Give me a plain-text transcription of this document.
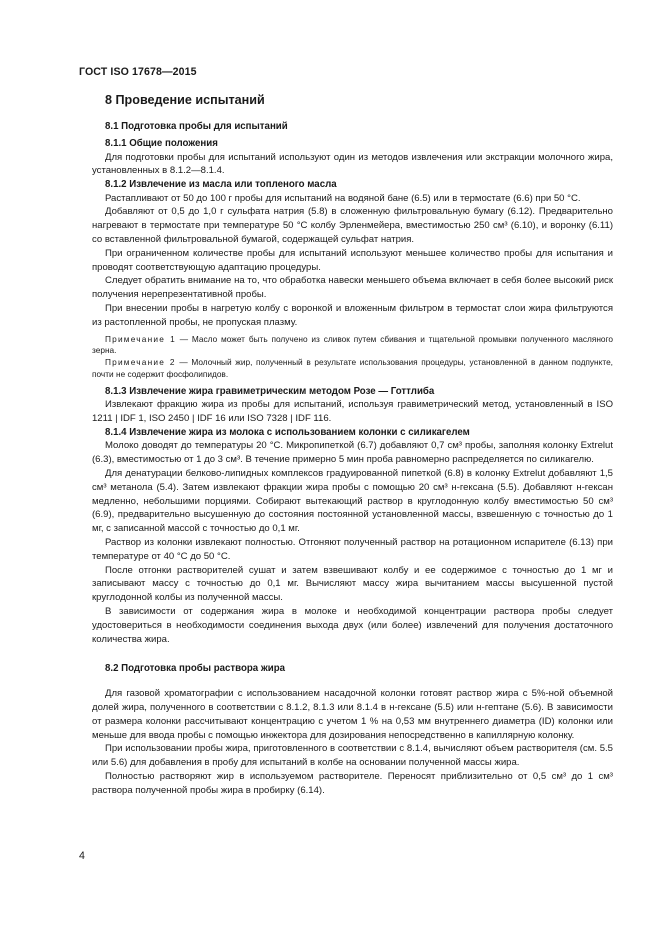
ГОСТ ISO 17678—2015
8 Проведение испытаний
8.1 Подготовка пробы для испытаний
8.1.1 Общие положения

Для подготовки пробы для испытаний используют один из методов извлечения или экстракции молочного жира, установленных в 8.1.2—8.1.4.

8.1.2 Извлечение из масла или топленого масла

Растапливают от 50 до 100 г пробы для испытаний на водяной бане (6.5) или в термостате (6.6) при 50 °C.

Добавляют от 0,5 до 1,0 г сульфата натрия (5.8) в сложенную фильтровальную бумагу (6.12). Предварительно нагревают в термостате при температуре 50 °C колбу Эрленмейера, вместимостью 250 см³ (6.10), и воронку (6.11) со вставленной фильтровальной бумагой, содержащей сульфат натрия.

При ограниченном количестве пробы для испытаний используют меньшее количество пробы для испытания и проводят соответствующую адаптацию процедуры.

Следует обратить внимание на то, что обработка навески меньшего объема включает в себя более высокий риск получения нерепрезентативной пробы.

При внесении пробы в нагретую колбу с воронкой и вложенным фильтром в термостат слои жира фильтруются из растопленной пробы, не пропуская плазму.

Примечание 1 — Масло может быть получено из сливок путем сбивания и тщательной промывки полученного масляного зерна.

Примечание 2 — Молочный жир, полученный в результате использования процедуры, установленной в данном подпункте, почти не содержит фосфолипидов.

8.1.3 Извлечение жира гравиметрическим методом Розе — Готтлиба

Извлекают фракцию жира из пробы для испытаний, используя гравиметрический метод, установленный в ISO 1211 | IDF 1, ISO 2450 | IDF 16 или ISO 7328 | IDF 116.

8.1.4 Извлечение жира из молока с использованием колонки с силикагелем

Молоко доводят до температуры 20 °C. Микропипеткой (6.7) добавляют 0,7 см³ пробы, заполняя колонку Extrelut (6.3), вместимостью от 1 до 3 см³. В течение примерно 5 мин проба равномерно распределяется по силикагелю.

Для денатурации белково-липидных комплексов градуированной пипеткой (6.8) в колонку Extrelut добавляют 1,5 см³ метанола (5.4). Затем извлекают фракции жира пробы с помощью 20 см³ н-гексана (5.5). Добавляют н-гексан медленно, небольшими порциями. Собирают вытекающий раствор в круглодонную колбу вместимостью 50 см³ (6.9), предварительно высушенную до состояния постоянной установленной массы, взвешенную с точностью до 1 мг, с записанной массой с точностью до 0,1 мг.

Раствор из колонки извлекают полностью. Отгоняют полученный раствор на ротационном испарителе (6.13) при температуре от 40 °C до 50 °C.

После отгонки растворителей сушат и затем взвешивают колбу и ее содержимое с точностью до 1 мг и записывают массу с точностью до 0,1 мг. Вычисляют массу жира вычитанием массы высушенной пустой круглодонной колбы из полученной массы.

В зависимости от содержания жира в молоке и необходимой концентрации раствора пробы следует удостовериться в необходимости соединения выхода двух (или более) извлечений для получения достаточного количества жира.

8.2 Подготовка пробы раствора жира

Для газовой хроматографии с использованием насадочной колонки готовят раствор жира с 5%-ной объемной долей жира, полученного в соответствии с 8.1.2, 8.1.3 или 8.1.4 в н-гексане (5.5) или н-гептане (5.6). В зависимости от размера колонки рассчитывают концентрацию с учетом 1 % на 0,53 мм внутреннего диаметра (ID) колонки или меньше для ввода пробы с помощью инжектора для дозирования непосредственно в капиллярную колонку.

При использовании пробы жира, приготовленного в соответствии с 8.1.4, вычисляют объем растворителя (см. 5.5 или 5.6) для добавления в пробу для испытаний в колбе на основании полученной массы жира.

Полностью растворяют жир в используемом растворителе. Переносят приблизительно от 0,5 см³ до 1 см³ раствора полученной пробы жира в пробирку (6.14).

4
